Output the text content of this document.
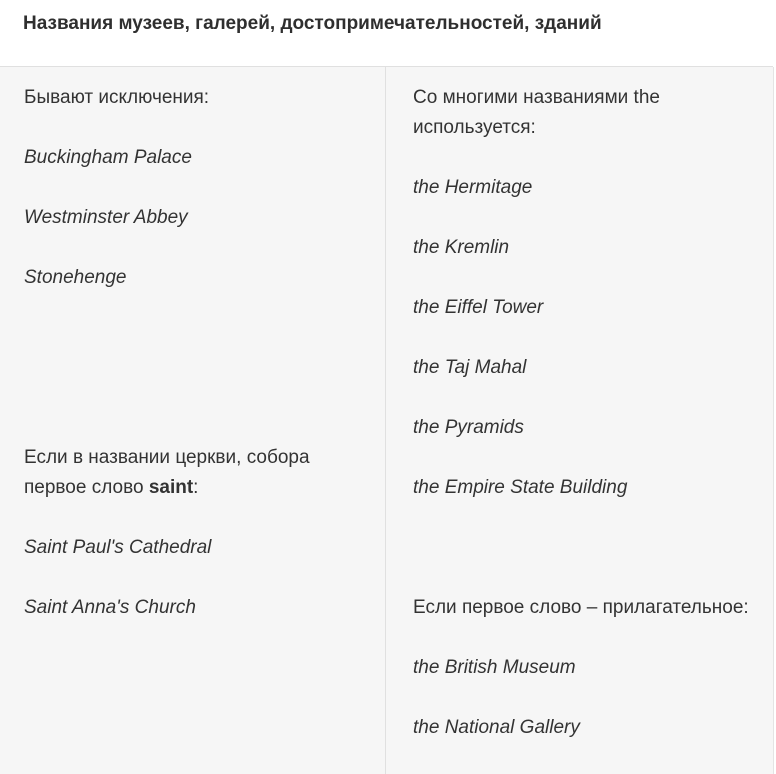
Названия музеев, галерей, достопримечательностей, зданий

Бывают исключения:

Buckingham Palace

Westminster Abbey

Stonehenge

Если в названии церкви, собора первое слово saint:

Saint Paul's Cathedral

Saint Anna's Church

Со многими названиями the используется:

the Hermitage

the Kremlin

the Eiffel Tower

the Taj Mahal

the Pyramids

the Empire State Building

Если первое слово – прилагательное:

the British Museum

the National Gallery
